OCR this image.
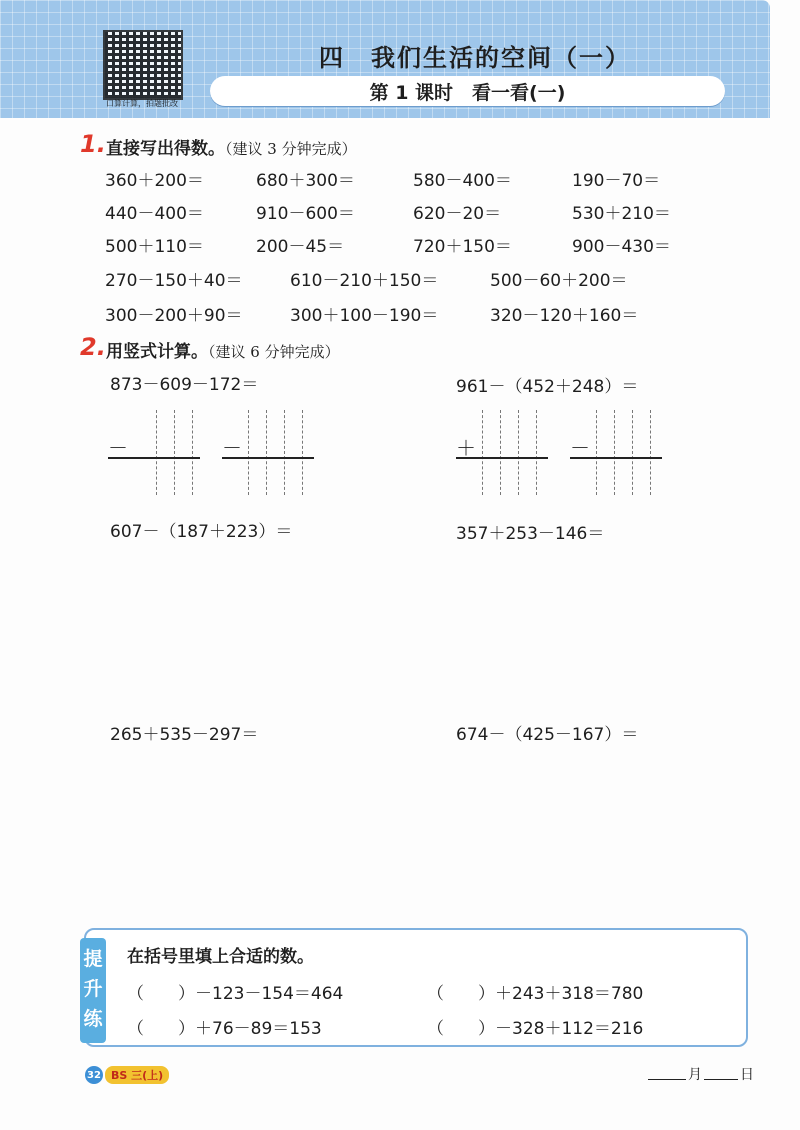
口算计算，拍题批改
四　我们生活的空间（一）
第 1 课时　看一看(一)
1. 直接写出得数。（建议 3 分钟完成）
360＋200＝	680＋300＝	580－400＝	190－70＝
440－400＝	910－600＝	620－20＝	530＋210＝
500＋110＝	200－45＝	720＋150＝	900－430＝
270－150＋40＝	610－210＋150＝	500－60＋200＝
300－200＋90＝	300＋100－190＝	320－120＋160＝
2. 用竖式计算。（建议 6 分钟完成）
873－609－172＝	961－（452＋248）＝
－	－	＋	－
607－（187＋223）＝	357＋253－146＝
265＋535－297＝	674－（425－167）＝
提
升
练
在括号里填上合适的数。
（　　）－123－154＝464	（　　）＋243＋318＝780
（　　）＋76－89＝153	（　　）－328＋112＝216
32 BS 三(上)	月	日
